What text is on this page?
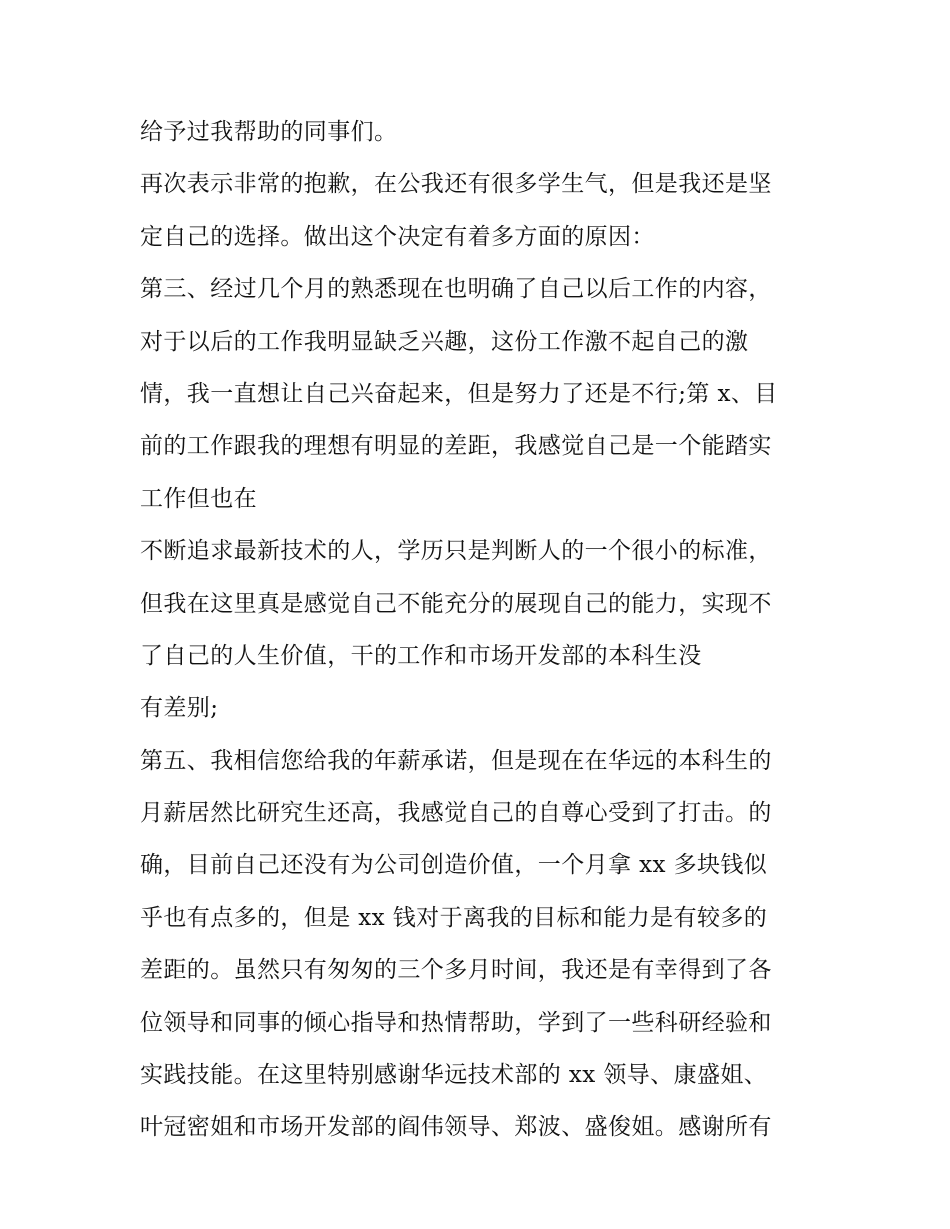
给予过我帮助的同事们。
再次表示非常的抱歉，在公我还有很多学生气，但是我还是坚
定自己的选择。做出这个决定有着多方面的原因：
第三、经过几个月的熟悉现在也明确了自己以后工作的内容，
对于以后的工作我明显缺乏兴趣，这份工作激不起自己的激
情，我一直想让自己兴奋起来，但是努力了还是不行;第 x、目
前的工作跟我的理想有明显的差距，我感觉自己是一个能踏实
工作但也在
不断追求最新技术的人，学历只是判断人的一个很小的标准，
但我在这里真是感觉自己不能充分的展现自己的能力，实现不
了自己的人生价值，干的工作和市场开发部的本科生没
有差别;
第五、我相信您给我的年薪承诺，但是现在在华远的本科生的
月薪居然比研究生还高，我感觉自己的自尊心受到了打击。的
确，目前自己还没有为公司创造价值，一个月拿 xx 多块钱似
乎也有点多的，但是 xx 钱对于离我的目标和能力是有较多的
差距的。虽然只有匆匆的三个多月时间，我还是有幸得到了各
位领导和同事的倾心指导和热情帮助，学到了一些科研经验和
实践技能。在这里特别感谢华远技术部的 xx 领导、康盛姐、
叶冠密姐和市场开发部的阎伟领导、郑波、盛俊姐。感谢所有
